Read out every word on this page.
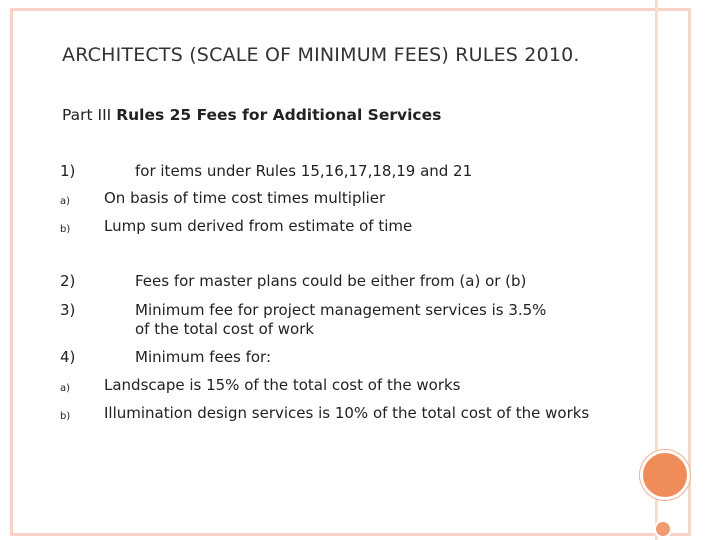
ARCHITECTS (SCALE OF MINIMUM FEES) RULES 2010.
Part III Rules 25 Fees for Additional Services
1)	for items under Rules 15,16,17,18,19 and 21
a) On basis of time cost times multiplier
b) Lump sum derived from estimate of time
2)	Fees for master plans could be either from (a) or (b)
3)	Minimum fee for project management services is 3.5%
of the total cost of work
4)	Minimum fees for:
a) Landscape is 15% of the total cost of the works
b) Illumination design services is 10% of the total cost of the works
